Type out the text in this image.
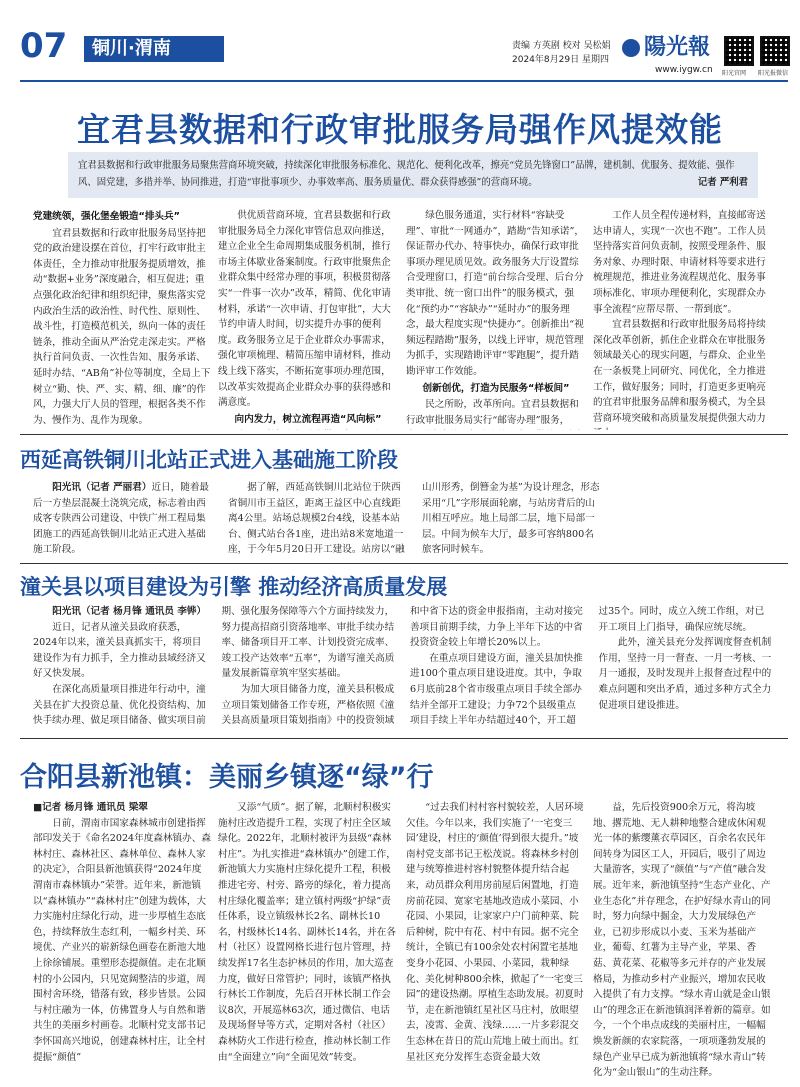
07	铜川·渭南	责编 方英剧 校对 吴松娟
2024年8月29日 星期四	陽光報
www.iygw.cn 阳光官网 阳光报微信
宜君县数据和行政审批服务局强作风提效能
宜君县数据和行政审批服务局聚焦营商环境突破，持续深化审批服务标准化、规范化、便利化改革，擦亮“党员先锋窗口”品牌，建机制、优服务、提效能、强作风、固党建，多措并举、协同推进，打造“审批事项少、办事效率高、服务质量优、群众获得感强”的营商环境。	记者 严利君
党建统领，强化堡垒锻造“排头兵”

宜君县数据和行政审批服务局坚持把党的政治建设摆在首位，打牢行政审批主体责任，全力推动审批服务提质增效，推动“数据+业务”深度融合，相互促进；重点强化政治纪律和组织纪律，聚焦落实党内政治生活的政治性、时代性、原则性、战斗性，打造模范机关，纵向一体的责任链条，推动全面从严治党走深走实。严格执行首问负责、一次性告知、服务承诺、延时办结、“AB角”补位等制度，全局上下树立“勤、快、严、实、精、细、廉”的作风，力强大厅人员的管理，根据各类不作为、慢作为、乱作为现象。

供优质营商环境，宜君县数据和行政审批服务局全力深化审管信息双向推送，建立企业全生命周期集成服务机制，推行市场主体歇业备案制度。行政审批聚焦企业群众集中经常办理的事项，积极贯彻落实“一件事一次办”改革，精简、优化审请材料，承诺“一次申请、打包审批”，大大节约申请人时间，切实提升办事的便利度。政务服务立足于企业群众办事需求，强化审项梳理、精简压缩申请材料，推动线上线下落实，不断拓宽事项办理范围，以改革实效提高企业群众办事的获得感和满意度。

向内发力，树立流程再造“风向标”

绿色服务通道，实行材料“容缺受理”、审批“一网通办”，踏勘“告知承诺”，保证帮办代办、特事快办，确保行政审批事项办理见质见效。政务服务大厅设置综合受理窗口，打造“前台综合受理、后台分类审批、统一窗口出件”的服务模式，强化“预约办”“容缺办”“延时办”的服务理念，最大程度实现“快捷办”。创新推出“视频远程踏勘”服务，以线上评审，规范管理为抓手，实现踏勘评审“零跑腿”，提升踏勘评审工作效能。

创新创优，打造为民服务“样板间”

民之所盼，改革所向。宜君县数据和行政审批服务局实行“邮寄办理”服务，

工作人员全程传递材料，直接邮寄送达申请人，实现“一次也不跑”。工作人员坚持落实首问负责制，按照受理条件、服务对象、办理时限、申请材料等要求进行梳理规范，推进业务流程规范化、服务事项标准化、审项办理便利化，实现群众办事全流程“应帮尽帮、一帮到底”。

宜君县数据和行政审批服务局将持续深化改革创新，抓住企业群众在审批服务领域最关心的现实问题，与群众、企业坐在一条板凳上同研究、同优化，全力推进工作，做好服务；同时，打造更多更响亮的宜君审批服务品牌和服务模式，为全县营商环境突破和高质量发展提供强大动力

西延高铁铜川北站正式进入基础施工阶段

阳光讯（记者 严丽君）近日，随着最后一方垫层混凝土浇筑完成，标志着由西成客专陕西公司建设、中铁广州工程局集团施工的西延高铁铜川北站正式进入基础施工阶段。

据了解，西延高铁铜川北站位于陕西省铜川市王益区，距离王益区中心直线距离4公里。站场总规模2台4线，设基本站台、侧式站台各1座，进出站8米宽地道一座，于今年5月20日开工建设。站房以“融山川形秀，倒簪金为基”为设计理念，形态采用“几”字形展面轮廓，与站房背后的山川相互呼应。地上局部二层，地下局部一层。中间为候车大厅，最多可容纳800名旅客同时候车。

潼关县以项目建设为引擎 推动经济高质量发展

阳光讯（记者 杨月锋 通讯员 李铧）

近日，记者从潼关县政府获悉，2024年以来，潼关县真抓实干，将项目建设作为有力抓手，全力推动县域经济又好又快发展。

在深化高质量项目推进年行动中，潼关县在扩大投资总量、优化投资结构、加快手续办理、做足项目储备、做实项目前期、强化服务保障等六个方面持续发力，努力提高招商引资落地率、审批手续办结率、储备项目开工率、计划投资完成率、竣工投产达效率“五率”，为谱写潼关高质量发展新篇章筑牢坚实基础。

为加大项目储备力度，潼关县积极成立项目策划储备工作专班，严格依照《潼关县高质量项目策划指南》中的投资领域和中省下达的资金申报指南，主动对接完善项目前期手续，力争上半年下达的中省投资资金较上年增长20%以上。

在重点项目建设方面，潼关县加快推进100个重点项目建设进度。其中，争取6月底前28个省市级重点项目手续全部办结并全部开工建设；力争72个县级重点项目手续上半年办结超过40个，开工超过35个。同时，成立入统工作组，对已开工项目上门指导，确保应统尽统。

此外，潼关县充分发挥调度督查机制作用，坚持一月一督查、一月一考核、一月一通报，及时发现并上报督查过程中的难点问题和突出矛盾，通过多种方式全力促进项目建设推进。

合阳县新池镇：美丽乡镇逐“绿”行
■记者 杨月锋 通讯员 梁翠

日前，渭南市国家森林城市创建指挥部印发关于《命名2024年度森林镇办、森林村庄、森林社区、森林单位、森林人家的决定》，合阳县新池镇获得“2024年度渭南市森林镇办”荣誉。近年来，新池镇以“森林镇办”“森林村庄”创建为载体，大力实施村庄绿化行动，进一步厚植生态底色，持续释放生态红利，一幅乡村美、环境优、产业兴的崭新绿色画卷在新池大地上徐徐铺展。重塑形态提颜值。走在北顺村的小公园内，只见宽阔整洁的步道，周围村舍环绕，错落有致，移步皆景。公园与村庄融为一体，仿佛置身人与自然和谐共生的美丽乡村画卷。北顺村党支部书记李怀国高兴地说，创建森林村庄，让全村提振“颜值”

又添“气质”。据了解，北顺村积极实施村庄改造提升工程，实现了村庄全区域绿化。2022年，北顺村被评为县级“森林村庄”。为扎实推进“森林镇办”创建工作，新池镇大力实施村庄绿化提升工程，积极推进宅旁、村旁、路旁的绿化，着力提高村庄绿化覆盖率；建立镇村两级“护绿”责任体系，设立镇级林长2名、副林长10名，村级林长14名、副林长14名，并在各村（社区）设置网格长进行包片管理，持续发挥17名生态护林员的作用，加大巡查力度，做好日常管护；同时，该镇严格执行林长工作制度，先后召开林长制工作会议8次，开展巡林63次，通过微信、电话及现场督导等方式，定期对各村（社区）森林防火工作进行检查，推动林长制工作由“全面建立”向“全面见效”转变。

“过去我们村村容村貌较差，人居环境欠佳。今年以来，我们实施了‘一宅变三园’建设，村庄的‘颜值’得到很大提升。”坡南村党支部书记王松茂说。将森林乡村创建与统筹推进村容村貌整体提升结合起来，动员群众利用房前屋后闲置地，打造房前花园、宽家宅基地改造成小菜园、小花园、小果园，让家家户户门前种菜、院后种树，院中有花、村中有园。据不完全统计，全镇已有100余处农村闲置宅基地变身小花园、小果园、小菜园，栽种绿化、美化树种800余株，掀起了“一宅变三园”的建设热潮。厚植生态助发展。初夏时节，走在新池镇红星社区马庄村，放眼望去，凌霄、金黄、浅绿……一片多彩混交生态林在昔日的荒山荒地上破土而出。红星社区充分发挥生态资金最大效

益，先后投资900余万元，将沟坡地、撂荒地、无人耕种地整合建成休闲观光一体的紫缨薰衣草园区，百余名农民年间转身为园区工人，开园后，吸引了周边大量游客，实现了“颜值”与“产值”融合发展。近年来，新池镇坚持“生态产业化、产业生态化”并存理念，在护好绿水青山的同时，努力向绿中掘金，大力发展绿色产业，已初步形成以小麦、玉米为基础产业，葡萄、红薯为主导产业，苹果、香菇、黄花菜、花椒等多元并存的产业发展格局，为推动乡村产业振兴，增加农民收入提供了有力支撑。“绿水青山就是金山银山”的理念正在新池镇润泽着新的篇章。如今，一个个串点成线的美丽村庄，一幅幅焕发新颜的农家院落，一项项蓬勃发展的绿色产业早已成为新池镇将“绿水青山”转化为“金山银山”的生动注释。
